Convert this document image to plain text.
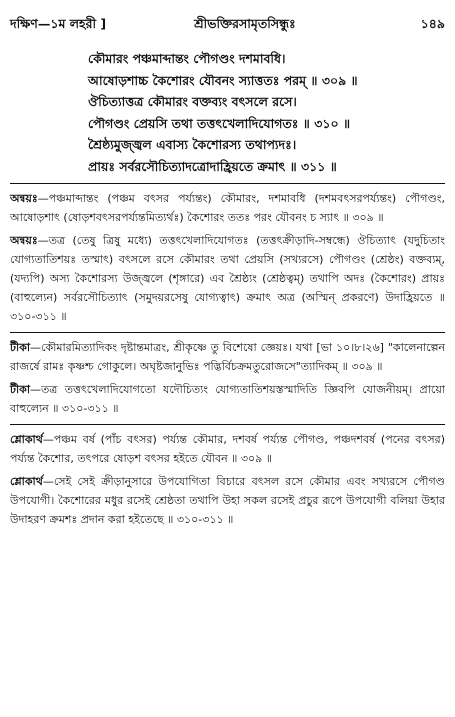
দক্ষিণ—১ম লহরী ]	শ্রীভক্তিরসামৃতসিন্ধুঃ	১৪৯
কৌমারং পঞ্চমাব্দান্তং পৌগণ্ডং দশমাবধি।
আষোড়শাচ্চ কৈশোরং যৌবনং স্যাত্ততঃ পরম্ ॥ ৩০৯ ॥
ঔচিত্যাত্তত্র কৌমারং বক্তব্যং বৎসলে রসে।
পৌগণ্ডং প্রেয়সি তথা তত্তৎখেলাদিযোগতঃ ॥ ৩১০ ॥
শ্রৈষ্ঠ্যমুজ্জ্বল এবাস্য কৈশোরস্য তথাপ্যদঃ।
প্রায়ঃ সর্বরসৌচিত্যাদত্রোদাহ্রিয়তে ক্রমাৎ ॥ ৩১১ ॥

অন্বয়ঃ—পঞ্চমাব্দান্তং (পঞ্চম বৎসর পর্য্যন্তং) কৌমারং, দশমাবধি (দশমবৎসরপর্য্যন্তং) পৌগণ্ডং, আষোড়শাৎ (ষোড়শবৎসরপর্য্যন্তমিত্যর্থঃ) কৈশোরং ততঃ পরং যৌবনং চ স্যাৎ ॥ ৩০৯ ॥

অন্বয়ঃ—তত্র (তেষু ত্রিষু মধ্যে) তত্তৎখেলাদিযোগতঃ (তত্তৎক্রীড়াদি-সম্বন্ধে) ঔচিত্যাৎ (যদুচিতাং যোগ্যতাতিশয়ঃ তস্মাৎ) বৎসলে রসে কৌমারং তথা প্রেয়সি (সখ্যরসে) পৌগণ্ডং (শ্রেষ্ঠং) বক্তব্যম্, (যদ্যপি) অস্য কৈশোরস্য উজ্জ্বলে (শৃঙ্গারে) এব শ্রৈষ্ঠ্যং (শ্রেষ্ঠত্বম্) তথাপি অদঃ (কৈশোরং) প্রায়ঃ (বাহুল্যেন) সর্বরসৌচিত্যাৎ (সমুদয়রসেষু যোগ্যত্বাৎ) ক্রমাৎ অত্র (অস্মিন্ প্রকরণে) উদাহ্রিয়তে ॥ ৩১০-৩১১ ॥

টীকা—কৌমারমিত্যাদিকং দৃষ্টান্তমাত্রং, শ্রীকৃষ্ণে তু বিশেষো জ্ঞেয়ঃ। যথা [ভা ১০।৮।২৬] "কালেনাল্পেন রাজর্ষে রামঃ কৃষ্ণশ্চ গোকুলে। অঘৃষ্টজানুভিঃ পদ্ভির্বিচক্রমতুরোজসে"ত্যাদিকম্ ॥ ৩০৯ ॥

টীকা—তত্র তত্তৎখেলাদিযোগতো যদৌচিত্যং যোগ্যতাতিশয়স্তস্মাদিতি জ্ঞিবপি যোজনীয়ম্। প্রায়ো বাহুল্যেন ॥ ৩১০-৩১১ ॥

শ্লোকার্থ—পঞ্চম বর্ষ (পাঁচ বৎসর) পর্য্যন্ত কৌমার, দশবর্ষ পর্য্যন্ত পৌগণ্ড, পঞ্চদশবর্ষ (পনের বৎসর) পর্য্যন্ত কৈশোর, তৎপরে ষোড়শ বৎসর হইতে যৌবন ॥ ৩০৯ ॥

শ্লোকার্থ—সেই সেই ক্রীড়ানুসারে উপযোগিতা বিচারে বৎসল রসে কৌমার এবং সখ্যরসে পৌগণ্ড উপযোগী। কৈশোরের মধুর রসেই শ্রেষ্ঠতা তথাপি উহা সকল রসেই প্রচুর রূপে উপযোগী বলিয়া উহার উদাহরণ ক্রমশঃ প্রদান করা হইতেছে ॥ ৩১০-৩১১ ॥
